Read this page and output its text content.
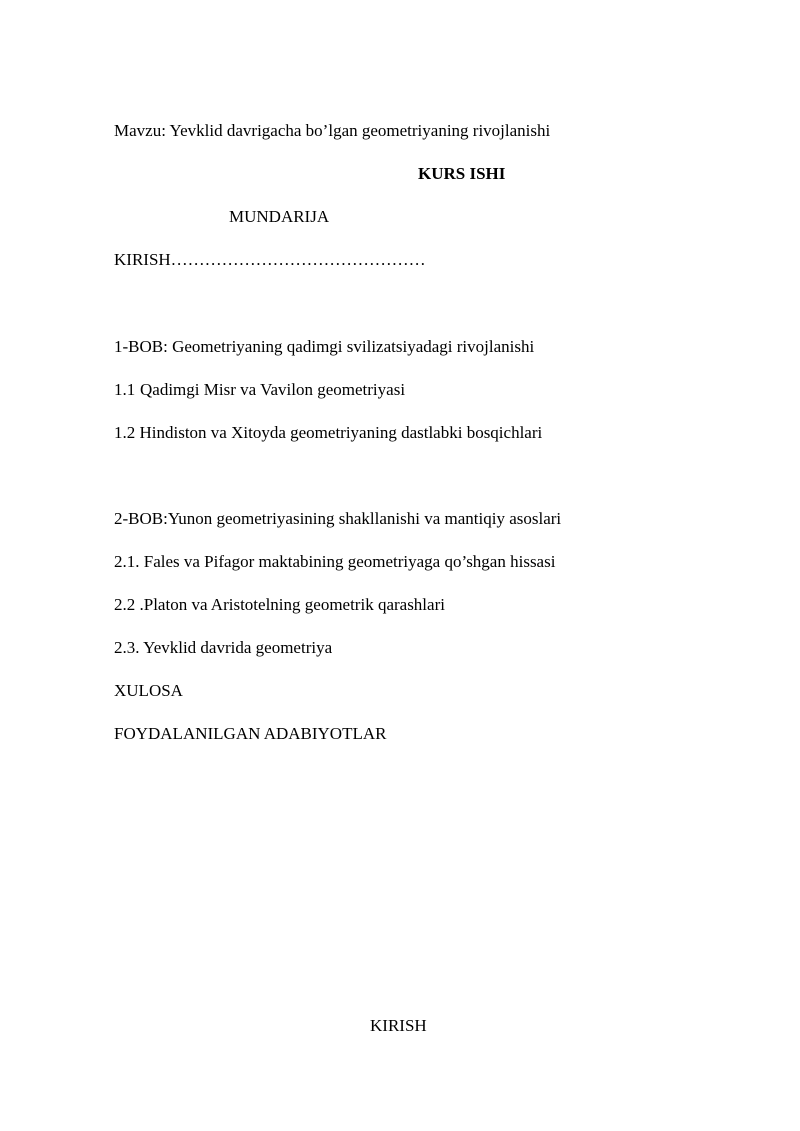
Mavzu: Yevklid davrigacha bo’lgan geometriyaning rivojlanishi
KURS ISHI
MUNDARIJA
KIRISH………………………………………
1-BOB: Geometriyaning qadimgi svilizatsiyadagi rivojlanishi
1.1 Qadimgi Misr va Vavilon geometriyasi
1.2 Hindiston va Xitoyda geometriyaning dastlabki bosqichlari
2-BOB:Yunon geometriyasining shakllanishi va mantiqiy asoslari
2.1. Fales va Pifagor maktabining geometriyaga qo’shgan hissasi
2.2 .Platon va Aristotelning geometrik qarashlari
2.3. Yevklid davrida geometriya
XULOSA
FOYDALANILGAN ADABIYOTLAR
KIRISH
